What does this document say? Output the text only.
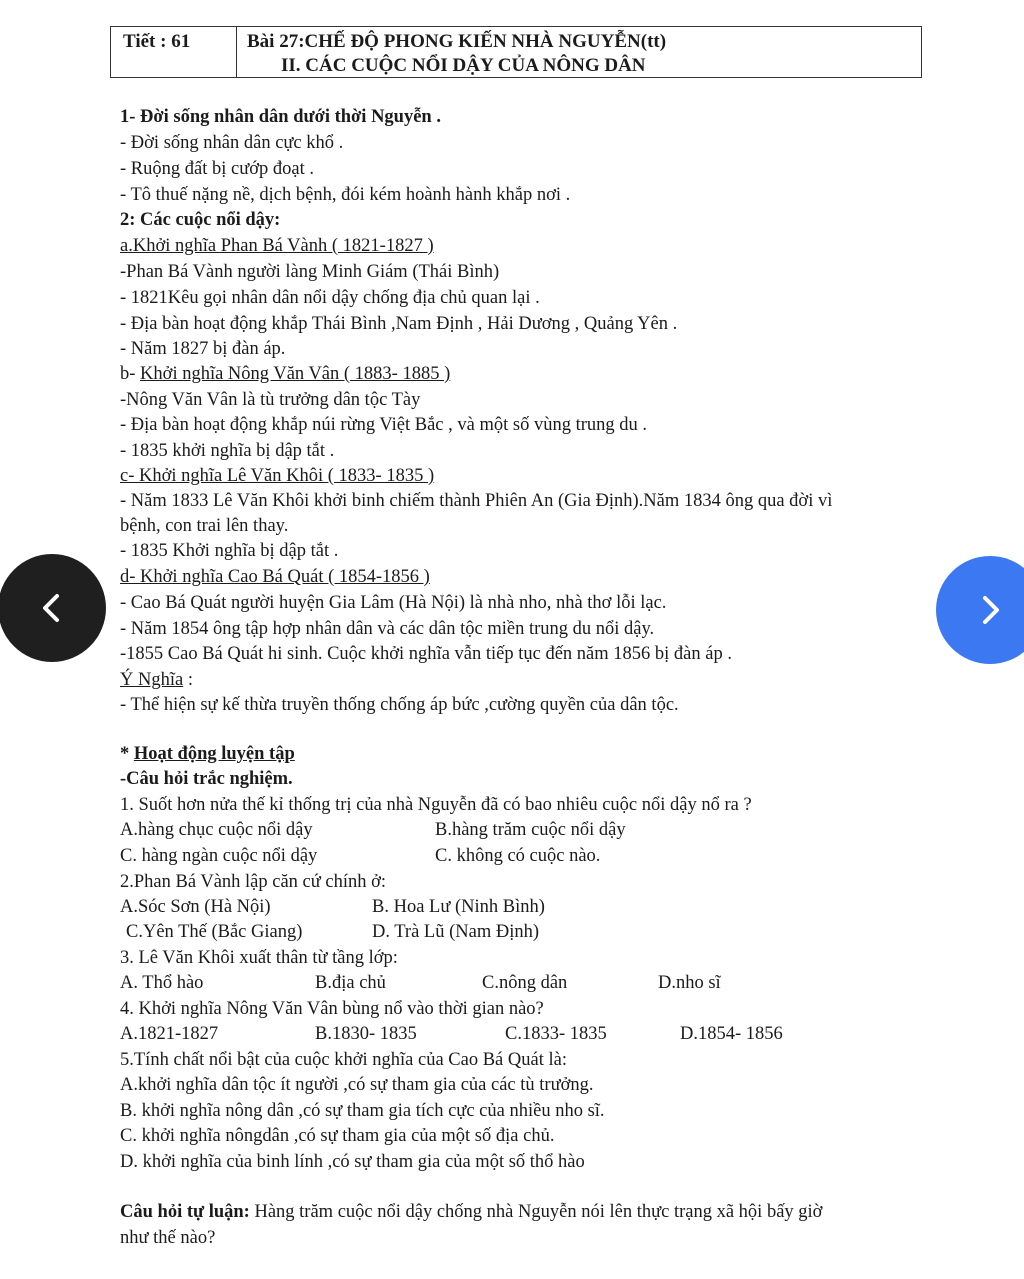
Tiết : 61	Bài 27:CHẾ ĐỘ PHONG KIẾN NHÀ NGUYỄN(tt)
II. CÁC CUỘC NỔI DẬY CỦA NÔNG DÂN
1- Đời sống nhân dân dưới thời Nguyễn .
- Đời sống nhân dân cực khổ .
- Ruộng đất bị cướp đoạt .
- Tô thuế nặng nề, dịch bệnh, đói kém hoành hành khắp nơi .
2: Các cuộc nổi dậy:
a.Khởi nghĩa Phan Bá Vành ( 1821-1827 )
-Phan Bá Vành người làng Minh Giám (Thái Bình)
- 1821Kêu gọi nhân dân nổi dậy chống địa chủ quan lại .
- Địa bàn hoạt động khắp Thái Bình ,Nam Định , Hải Dương , Quảng Yên .
- Năm 1827 bị đàn áp.
b- Khởi nghĩa Nông Văn Vân ( 1883- 1885 )
-Nông Văn Vân là tù trưởng dân tộc Tày
- Địa bàn hoạt động khắp núi rừng Việt Bắc , và một số vùng trung du .
- 1835 khởi nghĩa bị dập tắt .
c- Khởi nghĩa Lê Văn Khôi ( 1833- 1835 )
- Năm 1833 Lê Văn Khôi khởi binh chiếm thành Phiên An (Gia Định).Năm 1834 ông qua đời vì
bệnh, con trai lên thay.
- 1835 Khởi nghĩa bị dập tắt .
d- Khởi nghĩa Cao Bá Quát ( 1854-1856 )
- Cao Bá Quát người huyện Gia Lâm (Hà Nội) là nhà nho, nhà thơ lỗi lạc.
- Năm 1854 ông tập hợp nhân dân và các dân tộc miền trung du nổi dậy.
-1855 Cao Bá Quát hi sinh. Cuộc khởi nghĩa vẫn tiếp tục đến năm 1856 bị đàn áp .
Ý Nghĩa :
- Thể hiện sự kế thừa truyền thống chống áp bức ,cường quyền của dân tộc.
* Hoạt động luyện tập
-Câu hỏi trắc nghiệm.
1. Suốt hơn nửa thế kỉ thống trị của nhà Nguyễn đã có bao nhiêu cuộc nổi dậy nổ ra ?
A.hàng chục cuộc nổi dậy	B.hàng trăm cuộc nổi dậy
C. hàng ngàn cuộc nổi dậy	C. không có cuộc nào.
2.Phan Bá Vành lập căn cứ chính ở:
A.Sóc Sơn (Hà Nội)	B. Hoa Lư (Ninh Bình)
C.Yên Thế (Bắc Giang)	D. Trà Lũ (Nam Định)
3. Lê Văn Khôi xuất thân từ tầng lớp:
A. Thổ hào	B.địa chủ	C.nông dân	D.nho sĩ
4. Khởi nghĩa Nông Văn Vân bùng nổ vào thời gian nào?
A.1821-1827	B.1830- 1835	C.1833- 1835	D.1854- 1856
5.Tính chất nổi bật của cuộc khởi nghĩa của Cao Bá Quát là:
A.khởi nghĩa dân tộc ít người ,có sự tham gia của các tù trưởng.
B. khởi nghĩa nông dân ,có sự tham gia tích cực của nhiều nho sĩ.
C. khởi nghĩa nôngdân ,có sự tham gia của một số địa chủ.
D. khởi nghĩa của binh lính ,có sự tham gia của một số thổ hào
Câu hỏi tự luận: Hàng trăm cuộc nổi dậy chống nhà Nguyễn nói lên thực trạng xã hội bấy giờ
như thế nào?
